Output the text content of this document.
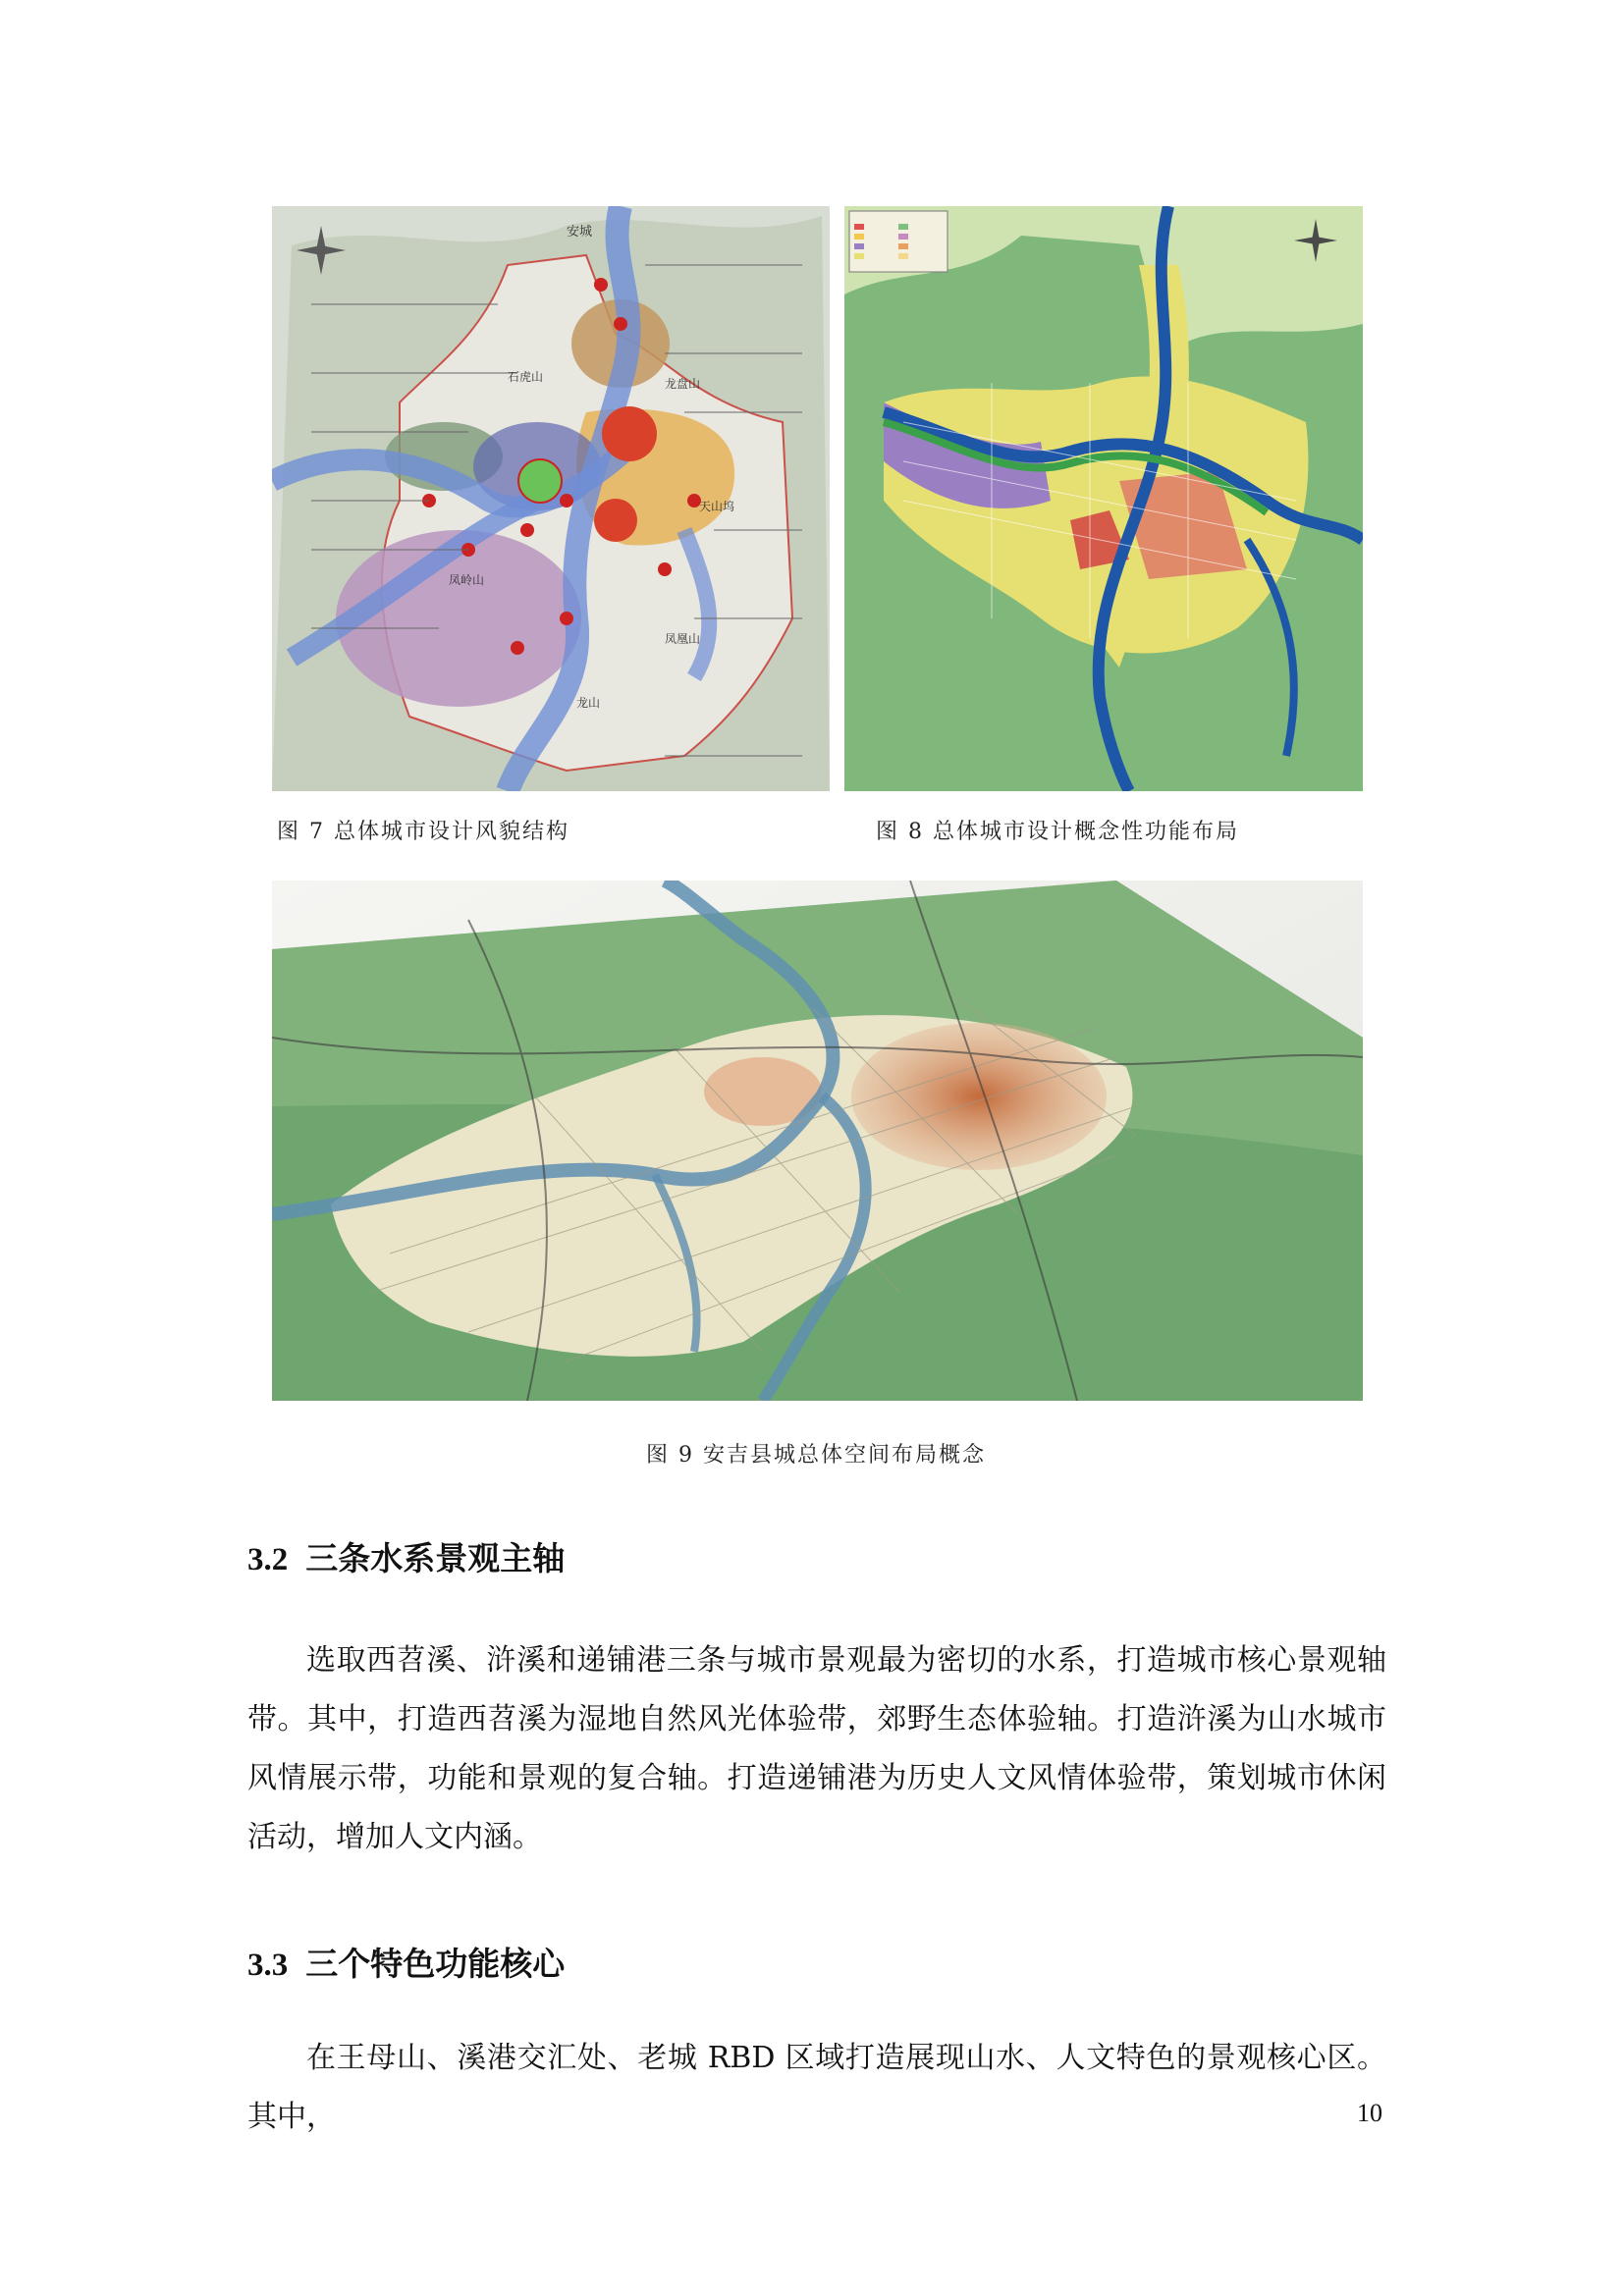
安城
石虎山	龙盘山
天山坞
凤岭山
凤凰山
龙山
图 7 总体城市设计风貌结构	图 8 总体城市设计概念性功能布局
图 9 安吉县城总体空间布局概念
3.2 三条水系景观主轴

选取西苕溪、浒溪和递铺港三条与城市景观最为密切的水系，打造城市核心景观轴带。其中，打造西苕溪为湿地自然风光体验带，郊野生态体验轴。打造浒溪为山水城市风情展示带，功能和景观的复合轴。打造递铺港为历史人文风情体验带，策划城市休闲活动，增加人文内涵。

3.3 三个特色功能核心

在王母山、溪港交汇处、老城 RBD 区域打造展现山水、人文特色的景观核心区。其中，	10
